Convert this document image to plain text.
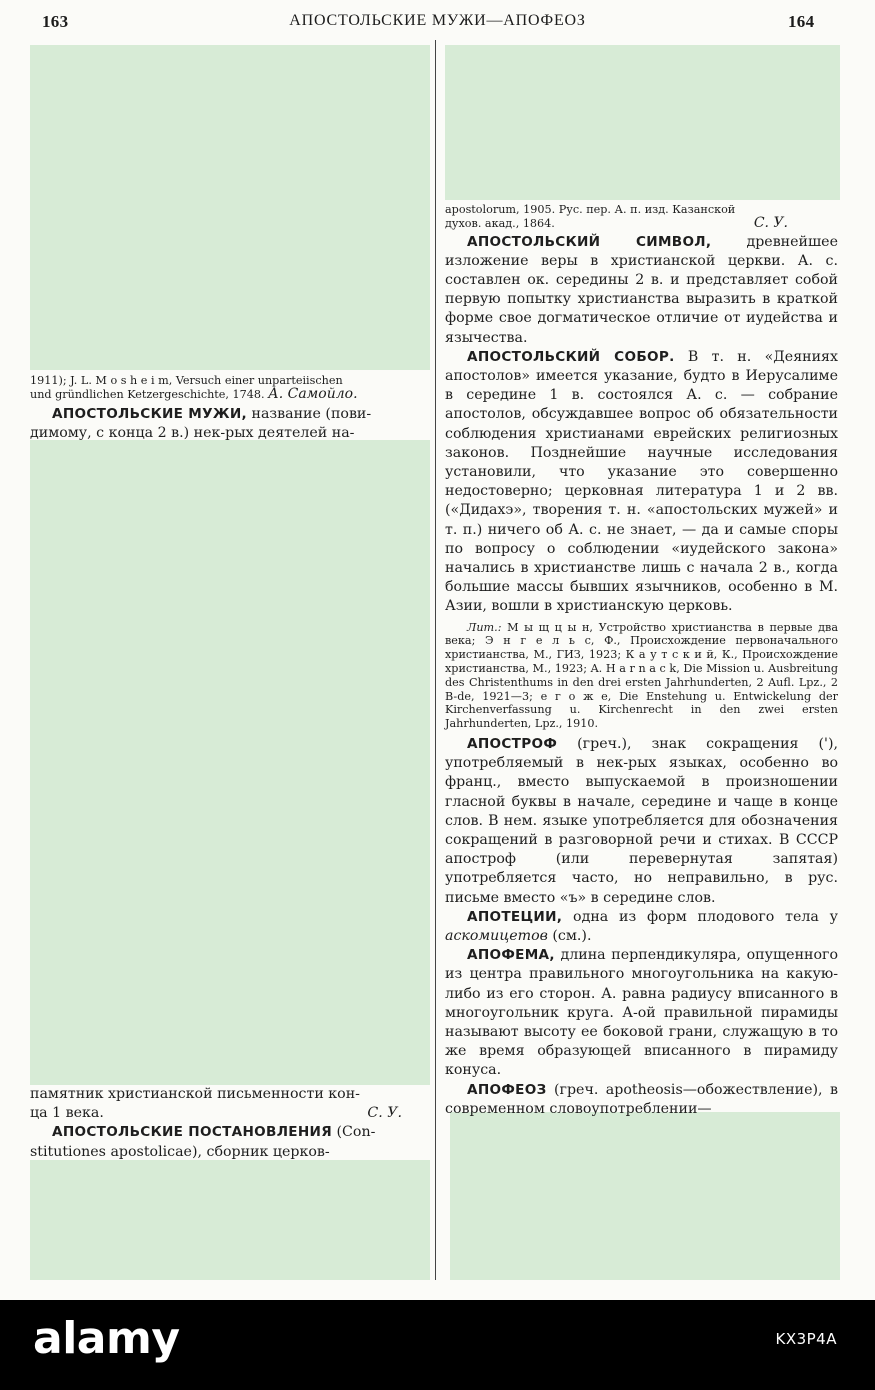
163	АПОСТОЛЬСКИЕ МУЖИ—АПОФЕОЗ	164

1911); J. L. M o s h e i m, Versuch einer unparteiischen
und gründlichen Ketzergeschichte, 1748. А. Самойло.

АПОСТОЛЬСКИЕ МУЖИ, название (пови-
димому, с конца 2 в.) нек-рых деятелей на-

памятник христианской письменности кон-
ца 1 века.	С. У.

АПОСТОЛЬСКИЕ ПОСТАНОВЛЕНИЯ (Con-
stitutiones apostolicae), сборник церков-

apostolorum, 1905. Рус. пер. А. п. изд. Казанской
духов. акад., 1864.	С. У.

АПОСТОЛЬСКИЙ СИМВОЛ, древнейшее изложение веры в христианской церкви. А. с. составлен ок. середины 2 в. и представляет собой первую попытку христианства выразить в краткой форме свое догматическое отличие от иудейства и язычества.

АПОСТОЛЬСКИЙ СОБОР. В т. н. «Деяниях апостолов» имеется указание, будто в Иерусалиме в середине 1 в. состоялся А. с. — собрание апостолов, обсуждавшее вопрос об обязательности соблюдения христианами еврейских религиозных законов. Позднейшие научные исследования установили, что указание это совершенно недостоверно; церковная литература 1 и 2 вв. («Дидахэ», творения т. н. «апостольских мужей» и т. п.) ничего об А. с. не знает, — да и самые споры по вопросу о соблюдении «иудейского закона» начались в христианстве лишь с начала 2 в., когда большие массы бывших язычников, особенно в М. Азии, вошли в христианскую церковь.

Лит.: М ы щ ц ы н, Устройство христианства в первые два века; Э н г е л ь с, Ф., Происхождение первоначального христианства, М., ГИЗ, 1923; К а у т с к и й, К., Происхождение христианства, М., 1923; A. H a r n a c k, Die Mission u. Ausbreitung des Christenthums in den drei ersten Jahrhunderten, 2 Aufl. Lpz., 2 B-de, 1921—3; е г о ж е, Die Enstehung u. Entwickelung der Kirchenverfassung u. Kirchenrecht in den zwei ersten Jahrhunderten, Lpz., 1910.

АПОСТРОФ (греч.), знак сокращения ('), употребляемый в нек-рых языках, особенно во франц., вместо выпускаемой в произношении гласной буквы в начале, середине и чаще в конце слов. В нем. языке употребляется для обозначения сокращений в разговорной речи и стихах. В СССР апостроф (или перевернутая запятая) употребляется часто, но неправильно, в рус. письме вместо «ъ» в середине слов.

АПОТЕЦИИ, одна из форм плодового тела у аскомицетов (см.).

АПОФЕМА, длина перпендикуляра, опущенного из центра правильного многоугольника на какую-либо из его сторон. А. равна радиусу вписанного в многоугольник круга. А-ой правильной пирамиды называют высоту ее боковой грани, служащую в то же время образующей вписанного в пирамиду конуса.

АПОФЕОЗ (греч. apotheosis—обожествление), в современном словоупотреблении—

alamy	KX3P4A
